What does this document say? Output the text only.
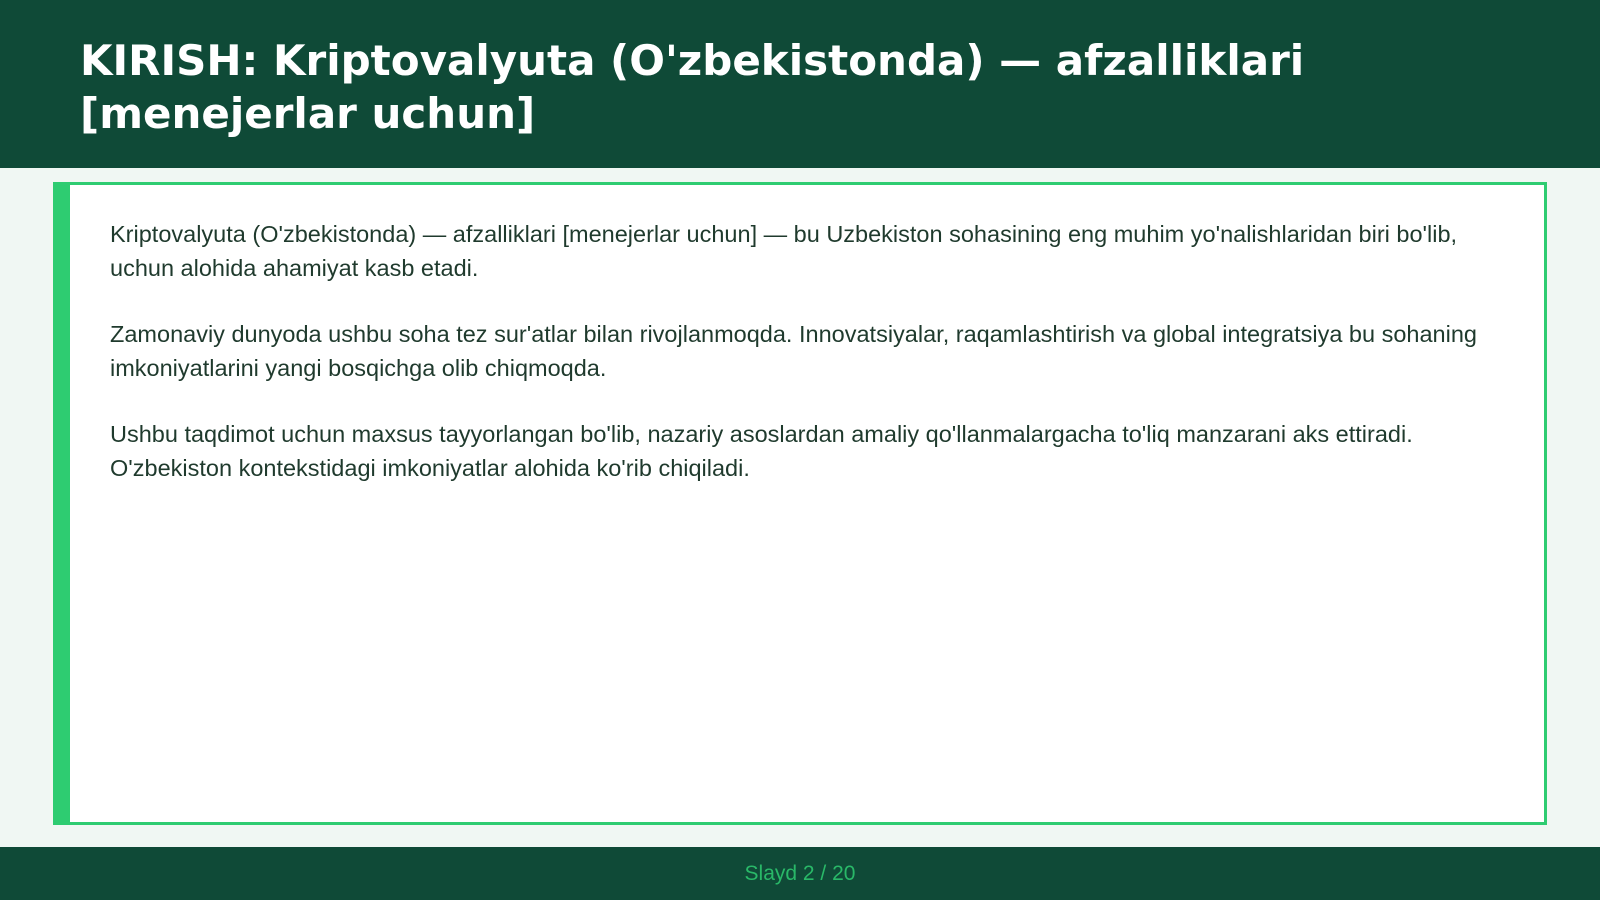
KIRISH: Kriptovalyuta (O'zbekistonda) — afzalliklari [menejerlar uchun]

Kriptovalyuta (O'zbekistonda) — afzalliklari [menejerlar uchun] — bu Uzbekiston sohasining eng muhim yo'nalishlaridan biri bo'lib, uchun alohida ahamiyat kasb etadi.

Zamonaviy dunyoda ushbu soha tez sur'atlar bilan rivojlanmoqda. Innovatsiyalar, raqamlashtirish va global integratsiya bu sohaning imkoniyatlarini yangi bosqichga olib chiqmoqda.

Ushbu taqdimot uchun maxsus tayyorlangan bo'lib, nazariy asoslardan amaliy qo'llanmalargacha to'liq manzarani aks ettiradi. O'zbekiston kontekstidagi imkoniyatlar alohida ko'rib chiqiladi.

Slayd 2 / 20
